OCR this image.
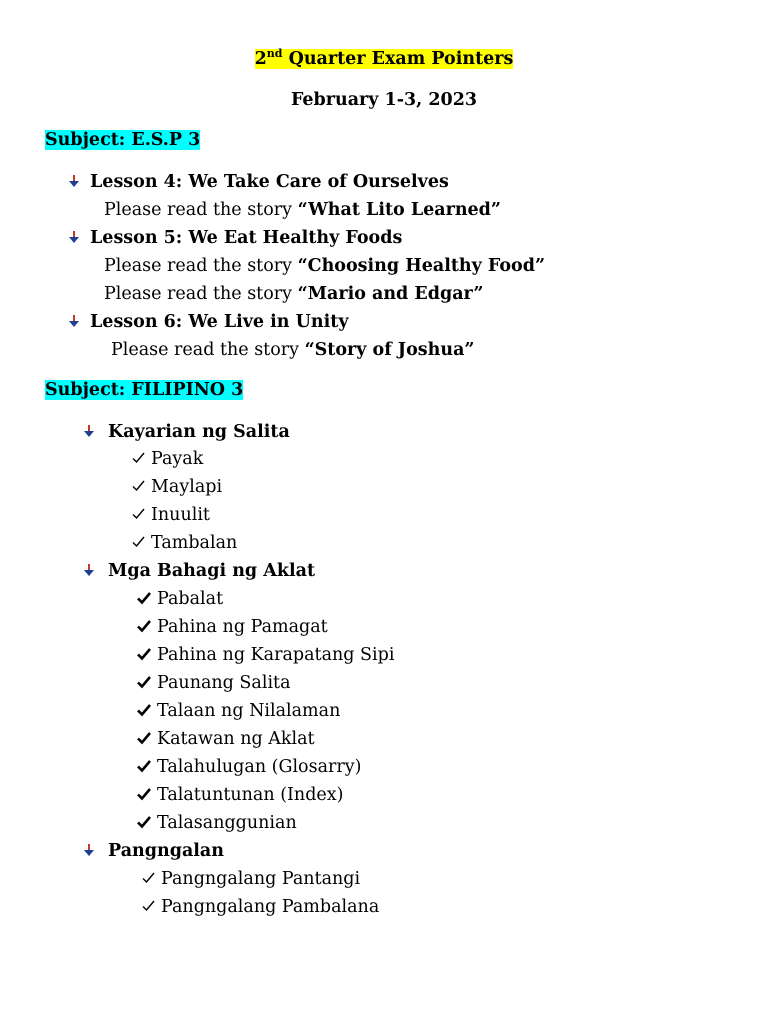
2nd Quarter Exam Pointers
February 1-3, 2023
Subject: E.S.P 3
Lesson 4: We Take Care of Ourselves
Please read the story “What Lito Learned”
Lesson 5: We Eat Healthy Foods
Please read the story “Choosing Healthy Food”
Please read the story “Mario and Edgar”
Lesson 6: We Live in Unity
Please read the story “Story of Joshua”
Subject: FILIPINO 3
Kayarian ng Salita
Payak
Maylapi
Inuulit
Tambalan
Mga Bahagi ng Aklat
Pabalat
Pahina ng Pamagat
Pahina ng Karapatang Sipi
Paunang Salita
Talaan ng Nilalaman
Katawan ng Aklat
Talahulugan (Glosarry)
Talatuntunan (Index)
Talasanggunian
Pangngalan
Pangngalang Pantangi
Pangngalang Pambalana
